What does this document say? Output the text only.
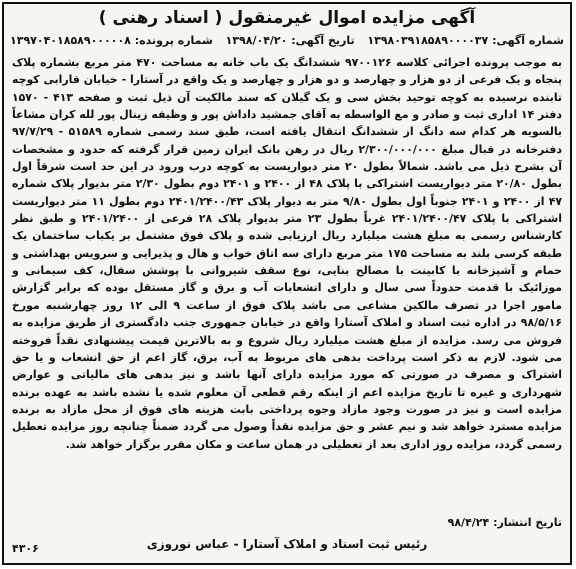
آگهی مزایده اموال غیرمنقول ( اسناد رهنی )
شماره آگهی: ۱۳۹۸۰۳۹۱۸۵۸۹۰۰۰۰۳۷
تاریخ آگهی: ۱۳۹۸/۰۴/۲۰
شماره پرونده: ۱۳۹۷۰۴۰۱۸۵۸۹۰۰۰۰۰۸
به موجب پرونده اجرائی کلاسه ۹۷۰۰۱۲۶ ششدانگ یک باب خانه به مساحت ۴۷۰ متر مربع بشماره پلاک پنجاه و یک فرعی از دو هزار و چهارصد و دو هزار و چهارصد و یک واقع در آستارا - خیابان قارابی کوچه تابنده نرسیده به کوچه توحید بخش سی و یک گیلان که سند مالکیت آن ذیل ثبت و صفحه ۴۱۳ - ۱۵۷۰ دفتر ۱۴ اداری ثبت و صادر و مع الواسطه به آقای جمشید داداش پور و وظیفه زینال پور لله کران مشاعاً بالسویه هر کدام سه دانگ از ششدانگ انتقال یافته است، طبق سند رسمی شماره ۵۱۵۸۹ - ۹۷/۷/۲۹ دفترخانه در قبال مبلغ ۲/۳۰۰/۰۰۰/۰۰۰ ریال در رهن بانک ایران زمین قرار گرفته که حدود و مشخصات آن بشرح ذیل می باشد. شمالاً بطول ۲۰ متر دیواریست به کوچه درب ورود در این حد است شرقاً اول بطول ۲۰/۸۰ متر دیواریست اشتراکی با پلاک ۴۸ از ۲۴۰۰ و ۲۴۰۱ دوم بطول ۲/۳۰ متر بدیوار پلاک شماره ۴۷ از ۲۴۰۰ و ۲۴۰۱ جنوباً اول بطول ۹/۸۰ متر به دیوار پلاک ۲۴۰۱/۲۴۰۰/۴۳ دوم بطول ۱۱ متر دیواریست اشتراکی با پلاک ۲۴۰۱/۲۴۰۰/۴۷ غرباً بطول ۲۳ متر بدیوار پلاک ۲۸ فرعی از ۲۴۰۱/۲۴۰۰ و طبق نظر کارشناس رسمی به مبلغ هشت میلیارد ریال ارزیابی شده و پلاک فوق مشتمل بر یکباب ساختمان یک طبقه کرسی بلند به مساحت ۱۷۵ متر مربع دارای سه اتاق خواب و هال و پذیرایی و سرویس بهداشتی و حمام و آشپزخانه با کابینت با مصالح بنایی، نوع سقف شیروانی با پوشش سفال، کف سیمانی و موزائیک با قدمت حدوداً سی سال و دارای انشعابات آب و برق و گاز مستقل بوده که برابر گزارش مامور اجرا در تصرف مالکین مشاعی می باشد پلاک فوق از ساعت ۹ الی ۱۲ روز چهارشنبه مورخ ۹۸/۵/۱۶ در اداره ثبت اسناد و املاک آستارا واقع در خیابان جمهوری جنب دادگستری از طریق مزایده به فروش می رسد. مزایده از مبلغ هشت میلیارد ریال شروع و به بالاترین قیمت پیشنهادی نقداً فروخته می شود. لازم به ذکر است پرداخت بدهی های مربوط به آب، برق، گاز اعم از حق انشعاب و یا حق اشتراک و مصرف در صورتی که مورد مزایده دارای آنها باشد و نیز بدهی های مالیاتی و عوارض شهرداری و غیره تا تاریخ مزایده اعم از اینکه رقم قطعی آن معلوم شده یا نشده باشد به عهده برنده مزایده است و نیز در صورت وجود مازاد وجوه پرداختی بابت هزینه های فوق از محل مازاد به برنده مزایده مسترد خواهد شد و نیم عشر و حق مزایده نقداً وصول می گردد ضمناً چنانچه روز مزایده تعطیل رسمی گردد، مزایده روز اداری بعد از تعطیلی در همان ساعت و مکان مقرر برگزار خواهد شد.
تاریخ انتشار: ۹۸/۴/۲۴
رئیس ثبت اسناد و املاک آستارا - عباس نوروزی
۴۳۰۶
